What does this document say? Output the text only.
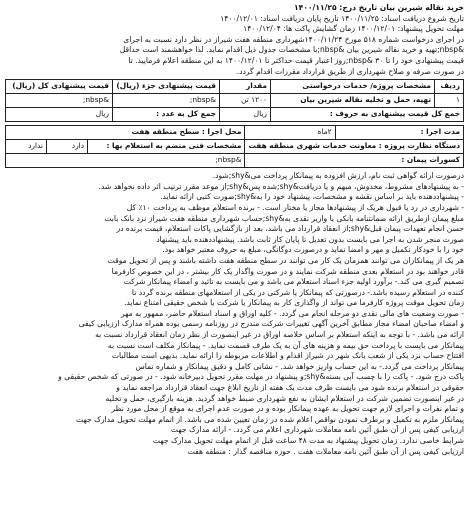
خرید نقاله شیرین بیان تاریخ درج: ۱۴۰۰/۱۱/۲۵
تاریخ شروع دریافت اسناد: ۱۴۰۰/۱۱/۲۵ تاریخ پایان دریافت اسناد: ۱۴۰۰/۱۲/۰۱
مهلت تحویل پیشنهاد: ۱۴۰۰/۱۲/۰۱ زمان گشایش پاکت ها: ۱۴۰۰/۱۲/۰۴
در اجرای درخواست شماره ۵۱۸ مورخ ۱۴۰۰/۱۱/۲۴شهرداری منطقه هفت شیراز در نظر دارد نسبت به اجرای
&nbsp;تهیه و خرید نقاله شیرین بیان &nbsp;با مشخصات جدول ذیل اقدام نماید. لذا خواهشمند است حداقل
قیمت پیشنهادی خود را تا ۳۰ &nbsp;روز اعتبار قیمت حداکثر تا ۱۴۰۰/۱۲/۰۱ به این منطقه اعلام فرمایید. تا
در صورت صرفه و صلاح شهرداری از طریق قرارداد مقررات اقدام گردد.
ردیف	مشخصات پروژه/ خدمات درخواستی	مقدار	قیمت پیشنهادی جزء (ریال)	قیمت پیشنهادی کل (ریال)
۱	تهیه، حمل و تخلیه نقاله شیرین بیان	۱۲۰۰ تن	&nbsp;	&nbsp;
جمع کل قیمت پیشنهادی به حروف :		ریال	جمع کل به عدد :	ریال
مدت اجرا :	۲ماه	محل اجرا : سطح منطقه هفت		
دستگاه نظارت پروژه : معاونت خدمات شهری منطقه هفت		مشخصات فنی منضم به استعلام بها :	دارد	ندارد
کسورات پیمان :		&nbsp;		
درصورت ارائه گواهی ثبت نام، ارزش افزوده به پیمانکار پرداخت می&shy;شود.
- به پیشنهادهای مشروط، مخدوش، مبهم و یا دریافت&shy;شده پس&shy;از موعد مقرر ترتیب اثر داده نخواهد شد.
- پیشنهاددهنده باید بر اساس نقشه و مشخصات، پیشنهاد خود را به&shy;صورت کتبی ارائه نماید.
- شهرداری در رد یا قبول هریک از پیشنهادها مجاز یا مختار است. - برنده استعلام موظف به پرداخت ۱۰٪ کل
مبلغ پیمان ازطریق ارائه ضمانتنامه بانکی یا واریز نقدی به&shy;حساب شهرداری منطقه هفت شیراز نزد بانک بابت
حسن انجام تعهدات پیمان قبل&shy;از انعقاد قرارداد می باشد، بعد از بازگشایی پاکات استعلام، قیمت برنده در
صورت منجر شدن به اجرا می بایست بدون تعدیل تا پایان کار ثابت باشد. پیشنهاددهنده باید پیشنهاد
خود را با خودکار تکمیل و مهر و امضا نماید و درصورت دوگانگی، مبلغ به حروف معتبر خواهد بود.
هر یک از پیمانکاران می توانند همزمان یک کار می توانند در سطح منطقه هفت داشته باشند و پس از تحویل موقت
قادر خواهند بود در استعلام بعدی منطقه شرکت نمایند و در صورت واگذار یک کار بیشتر ، در این خصوص کارفرما
تصمیم گیری می کند.- برآورد اولیه جزء اسناد استعلام می باشد و می بایست به تائید و امضاء پیمانکار شرکت
کننده در استعلام رسیده باشد.- درصورتی که پیمانکار یا شرکتی در یکی از استعلامهای منطقه برنده گردد تا
زمان تحویل موقت پروژه کارفرما می تواند از واگذاری کار به پیمانکار یا شرکت یا شخص حقیقی امتناع نماید.
- صورت وضعیت های مالی نقدی دو مرحله انجام می گردد. - کلیه اوراق و اسناد استعلام حاضر، ممهور به مهر
و امضاء صاحبان امضاء مجاز مطابق آخرین آگهی تغییرات شرکت مندرج در روزنامه رسمی بوده همراه مدارک ارزیابی کیفی
ارائه می باشد. - با توجه به اینکه استعلام بر اساس خلاصه اوراق در غیر اینصورت از نظر زمان انعقاد قرارداد نسبت به
پیمانکار می بایست با پرداخت حق بیمه و هزینه های آن به یک طرف قسمت نماید. - پیمانکار مکلف است نسبت به
افتتاح حساب نزد یکی از شعب بانک شهر در شیراز اقدام و اطلاعات مربوطه را ارائه نماید. بدیهی است مطالبات
پیمانکار پرداخت می گردد.- به این حساب واریز خواهد شد. - نشانی کامل و دقیق پیمانکار و شماره تماس
پاکت درج شود. - پاکت را با چسب آبی بسته&shy;و پیشنهاد در مهلت مقرر تحویل دبیرخانه شود. - در صورتی که شخص حقیقی و
حقوقی در استعلام برنده شود می بایست ظرف مدت یک هفته از تاریخ ابلاغ جهت انعقاد قرارداد مراجعه نماید و
در غیر اینصورت تضمین شرکت در استعلام ایشان به نفع شهرداری ضبط خواهد گردید. هزینه بارگیری، حمل و تخلیه
و تمام نفرات و اجرای لازم جهت تحویل به عهده پیمانکار بوده و در صورت عدم اجرای به موقع از محل مورد نظر
پیمانکار ملزم به تکمیل و برطرف نمودن نواقص اعلام شده در زمان تعیین شده می باشد. از اتمام مهلت تحویل مدارک جهت
ارزیابی کیفی پس از آن طبق آئین نامه معاملات شهرداری اعلام می گردد. - ارائه مدارک جهت
شرایط خاصی ندارد. زمان تحویل پیشنهاد به مدت ۴۸ ساعت قبل از اتمام مهلت تحویل مدارک جهت
ارزیابی کیفی پس از آن طبق آئین نامه معاملات هفت . حوزه مناقصه گذار : منطقه هفت
